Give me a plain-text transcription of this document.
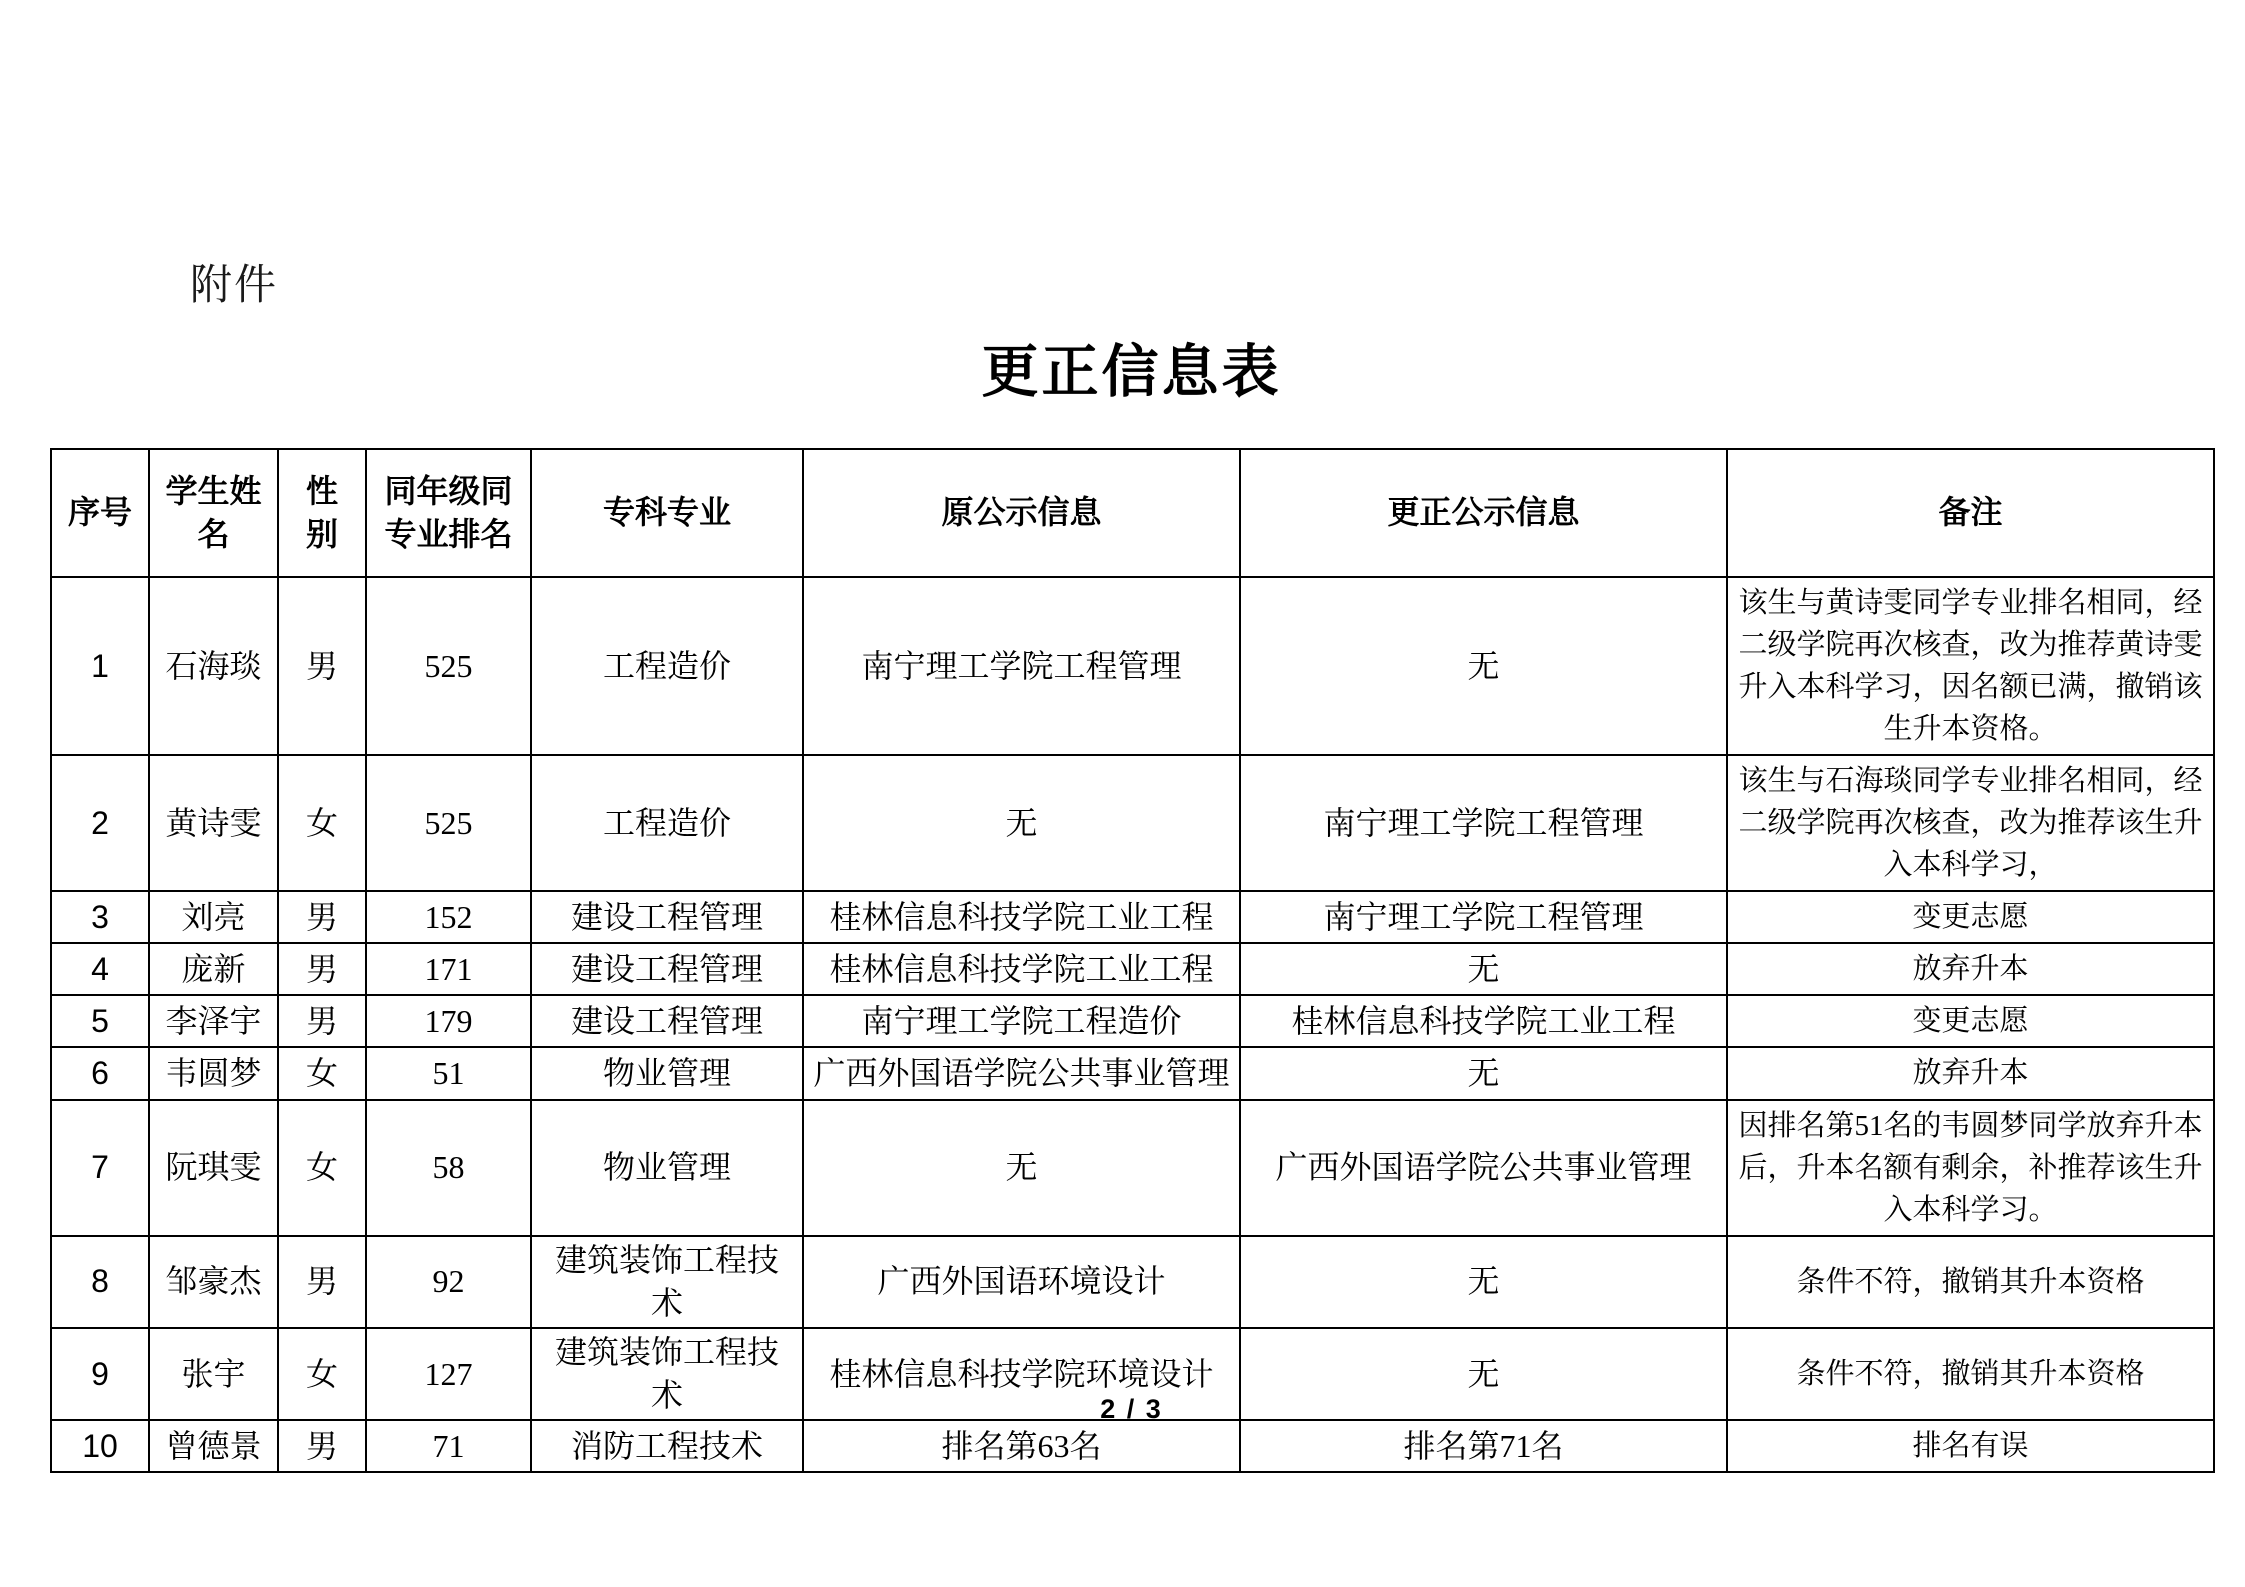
附件
更正信息表
序号	学生姓名	性别	同年级同专业排名	专科专业	原公示信息	更正公示信息	备注
1	石海琰	男	525	工程造价	南宁理工学院工程管理	无	该生与黄诗雯同学专业排名相同，经二级学院再次核查，改为推荐黄诗雯升入本科学习，因名额已满，撤销该生升本资格。
2	黄诗雯	女	525	工程造价	无	南宁理工学院工程管理	该生与石海琰同学专业排名相同，经二级学院再次核查，改为推荐该生升入本科学习，
3	刘亮	男	152	建设工程管理	桂林信息科技学院工业工程	南宁理工学院工程管理	变更志愿
4	庞新	男	171	建设工程管理	桂林信息科技学院工业工程	无	放弃升本
5	李泽宇	男	179	建设工程管理	南宁理工学院工程造价	桂林信息科技学院工业工程	变更志愿
6	韦圆梦	女	51	物业管理	广西外国语学院公共事业管理	无	放弃升本
7	阮琪雯	女	58	物业管理	无	广西外国语学院公共事业管理	因排名第51名的韦圆梦同学放弃升本后，升本名额有剩余，补推荐该生升入本科学习。
8	邹豪杰	男	92	建筑装饰工程技术	广西外国语环境设计	无	条件不符，撤销其升本资格
9	张宇	女	127	建筑装饰工程技术	桂林信息科技学院环境设计	无	条件不符，撤销其升本资格
10	曾德景	男	71	消防工程技术	排名第63名	排名第71名	排名有误
2 / 3
